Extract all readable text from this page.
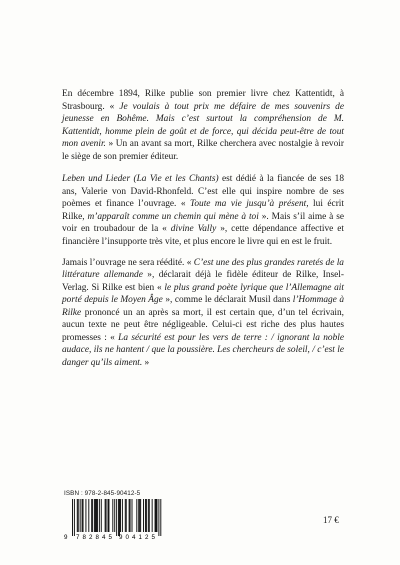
En décembre 1894, Rilke publie son premier livre chez Kattentidt, à Strasbourg. « Je voulais à tout prix me défaire de mes souvenirs de jeunesse en Bohême. Mais c’est surtout la compréhension de M. Kattentidt, homme plein de goût et de force, qui décida peut-être de tout mon avenir. » Un an avant sa mort, Rilke cherchera avec nostalgie à revoir le siège de son premier éditeur.

Leben und Lieder (La Vie et les Chants) est dédié à la fiancée de ses 18 ans, Valerie von David-Rhonfeld. C’est elle qui inspire nombre de ses poèmes et finance l’ouvrage. « Toute ma vie jusqu’à présent, lui écrit Rilke, m’apparaît comme un chemin qui mène à toi ». Mais s’il aime à se voir en troubadour de la « divine Vally », cette dépendance affective et financière l’insupporte très vite, et plus encore le livre qui en est le fruit.

Jamais l’ouvrage ne sera réédité. « C’est une des plus grandes raretés de la littérature allemande », déclarait déjà le fidèle éditeur de Rilke, Insel-Verlag. Si Rilke est bien « le plus grand poète lyrique que l’Allemagne ait porté depuis le Moyen Âge », comme le déclarait Musil dans l’Hommage à Rilke prononcé un an après sa mort, il est certain que, d’un tel écrivain, aucun texte ne peut être négligeable. Celui-ci est riche des plus hautes promesses : « La sécurité est pour les vers de terre : / ignorant la noble audace, ils ne hantent / que la poussière. Les chercheurs de soleil, / c’est le danger qu’ils aiment. »

ISBN : 978-2-845-90412-5
9 782845 904125
17 €
